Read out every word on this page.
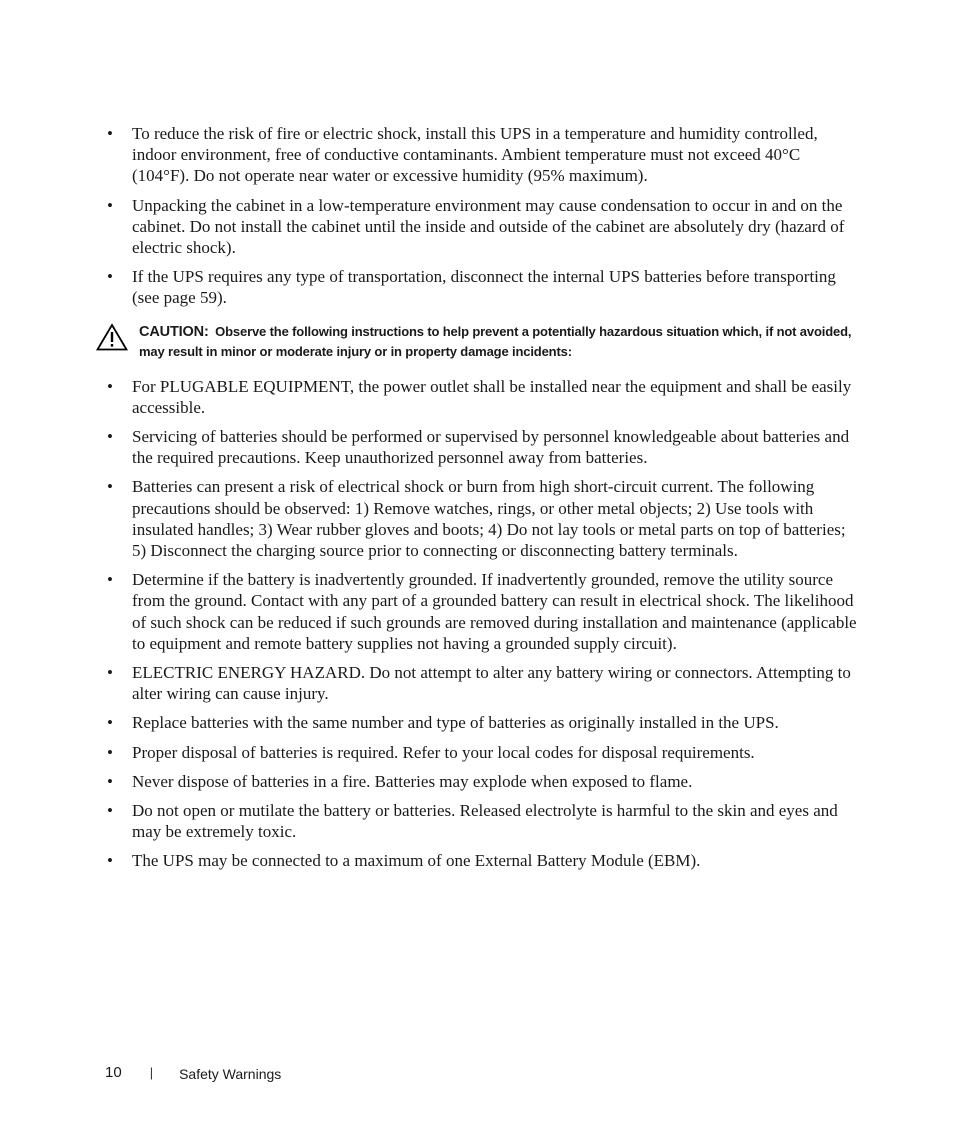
• To reduce the risk of fire or electric shock, install this UPS in a temperature and humidity controlled, indoor environment, free of conductive contaminants. Ambient temperature must not exceed 40°C (104°F). Do not operate near water or excessive humidity (95% maximum).
• Unpacking the cabinet in a low-temperature environment may cause condensation to occur in and on the cabinet. Do not install the cabinet until the inside and outside of the cabinet are absolutely dry (hazard of electric shock).
• If the UPS requires any type of transportation, disconnect the internal UPS batteries before transporting (see page 59).
CAUTION: Observe the following instructions to help prevent a potentially hazardous situation which, if not avoided, may result in minor or moderate injury or in property damage incidents:
• For PLUGABLE EQUIPMENT, the power outlet shall be installed near the equipment and shall be easily accessible.
• Servicing of batteries should be performed or supervised by personnel knowledgeable about batteries and the required precautions. Keep unauthorized personnel away from batteries.
• Batteries can present a risk of electrical shock or burn from high short-circuit current. The following precautions should be observed: 1) Remove watches, rings, or other metal objects; 2) Use tools with insulated handles; 3) Wear rubber gloves and boots; 4) Do not lay tools or metal parts on top of batteries; 5) Disconnect the charging source prior to connecting or disconnecting battery terminals.
• Determine if the battery is inadvertently grounded. If inadvertently grounded, remove the utility source from the ground. Contact with any part of a grounded battery can result in electrical shock. The likelihood of such shock can be reduced if such grounds are removed during installation and maintenance (applicable to equipment and remote battery supplies not having a grounded supply circuit).
• ELECTRIC ENERGY HAZARD. Do not attempt to alter any battery wiring or connectors. Attempting to alter wiring can cause injury.
• Replace batteries with the same number and type of batteries as originally installed in the UPS.
• Proper disposal of batteries is required. Refer to your local codes for disposal requirements.
• Never dispose of batteries in a fire. Batteries may explode when exposed to flame.
• Do not open or mutilate the battery or batteries. Released electrolyte is harmful to the skin and eyes and may be extremely toxic.
• The UPS may be connected to a maximum of one External Battery Module (EBM).
10 | Safety Warnings
